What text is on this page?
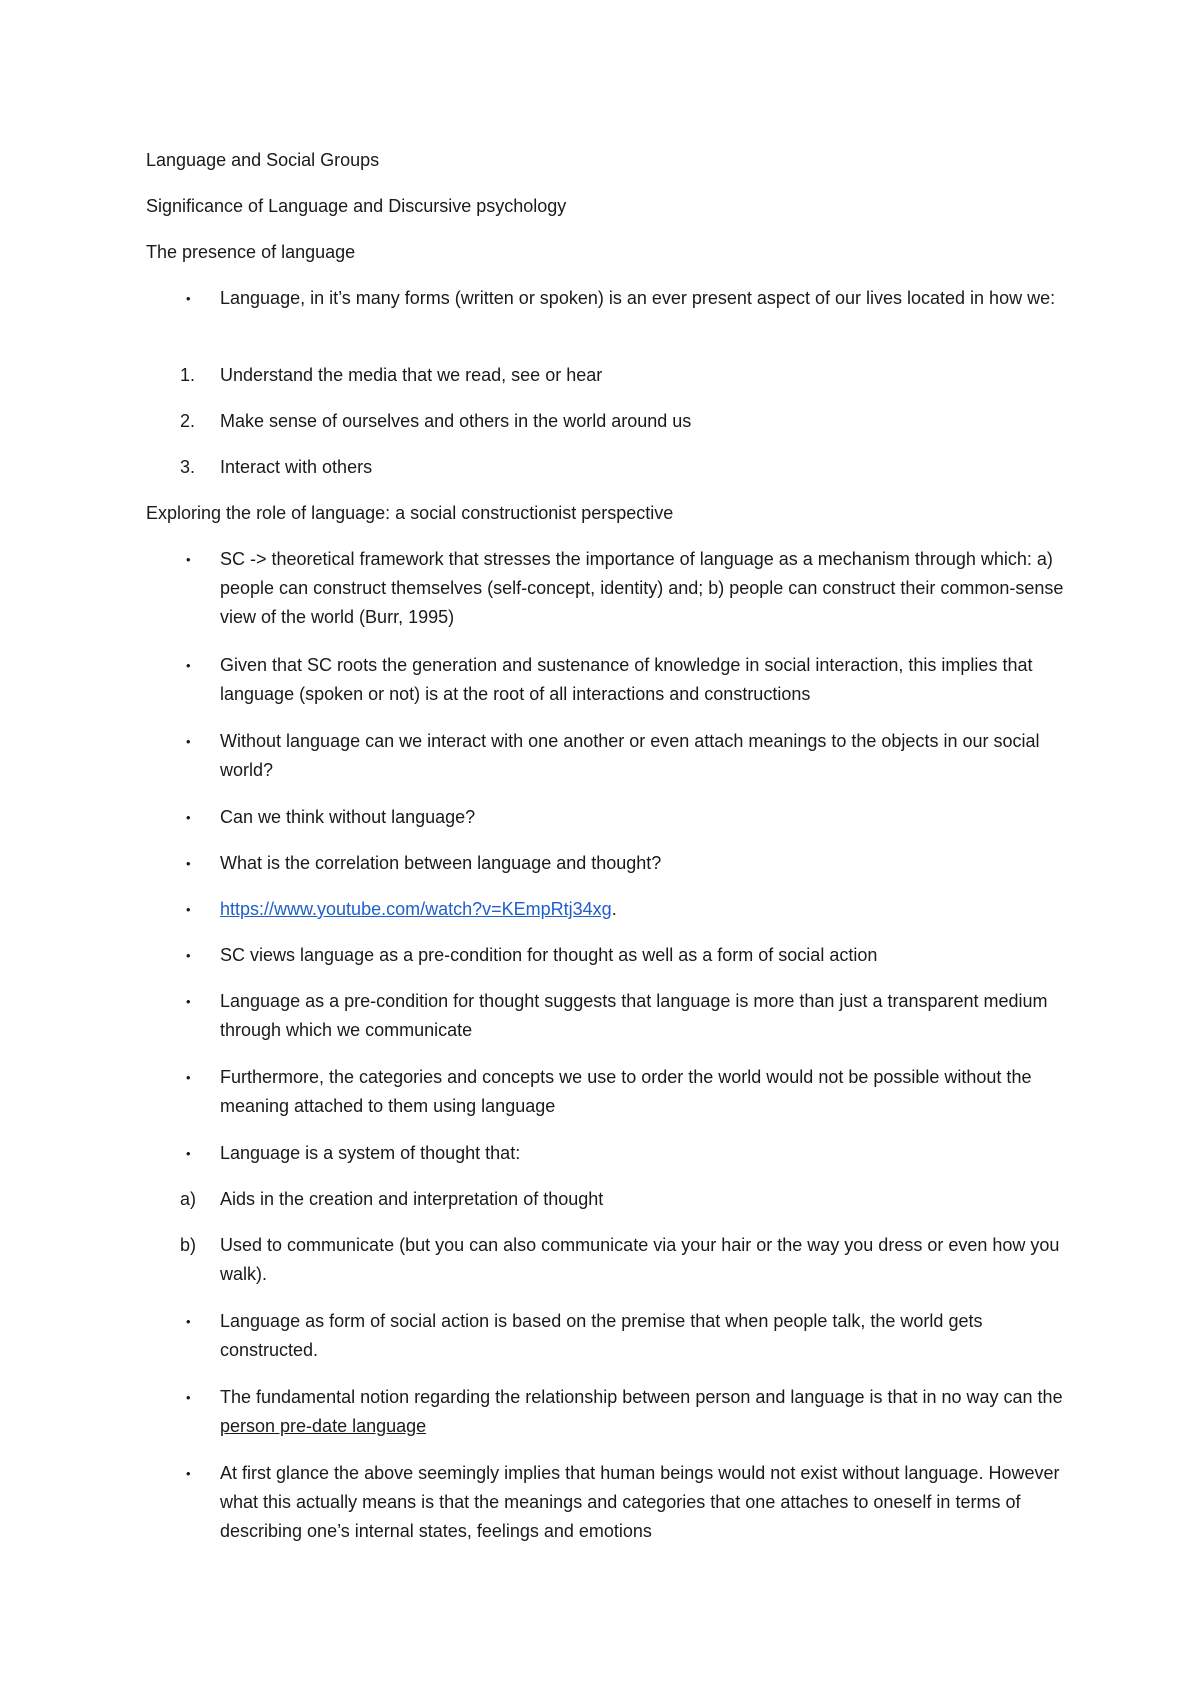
Language and Social Groups

Significance of Language and Discursive psychology

The presence of language

•	Language, in it’s many forms (written or spoken) is an ever present aspect of our lives located in how we:
1.	Understand the media that we read, see or hear
2.	Make sense of ourselves and others in the world around us
3.	Interact with others

Exploring the role of language: a social constructionist perspective

•	SC -> theoretical framework that stresses the importance of language as a mechanism through which: a) people can construct themselves (self-concept, identity) and; b) people can construct their common-sense view of the world (Burr, 1995)
•	Given that SC roots the generation and sustenance of knowledge in social interaction, this implies that language (spoken or not) is at the root of all interactions and constructions
•	Without language can we interact with one another or even attach meanings to the objects in our social world?
•	Can we think without language?
•	What is the correlation between language and thought?
•	https://www.youtube.com/watch?v=KEmpRtj34xg.
•	SC views language as a pre-condition for thought as well as a form of social action
•	Language as a pre-condition for thought suggests that language is more than just a transparent medium through which we communicate
•	Furthermore, the categories and concepts we use to order the world would not be possible without the meaning attached to them using language
•	Language is a system of thought that:
a)	Aids in the creation and interpretation of thought
b)	Used to communicate (but you can also communicate via your hair or the way you dress or even how you walk).
•	Language as form of social action is based on the premise that when people talk, the world gets constructed.
•	The fundamental notion regarding the relationship between person and language is that in no way can the person pre-date language
•	At first glance the above seemingly implies that human beings would not exist without language. However what this actually means is that the meanings and categories that one attaches to oneself in terms of describing one’s internal states, feelings and emotions
